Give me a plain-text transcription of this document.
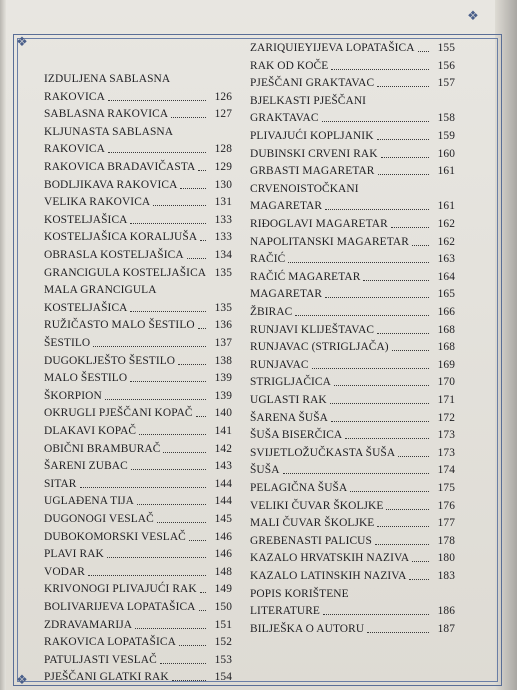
❖
❖
❖
IZDULJENA SABLASNA
RAKOVICA	126
SABLASNA RAKOVICA	127
KLJUNASTA SABLASNA
RAKOVICA	128
RAKOVICA BRADAVIČASTA 129
BODLJIKAVA RAKOVICA	130
VELIKA RAKOVICA	131
KOSTELJAŠICA	133
KOSTELJAŠICA KORALJUŠA 133
OBRASLA KOSTELJAŠICA	134
GRANCIGULA KOSTELJAŠICA 135
MALA GRANCIGULA
KOSTELJAŠICA	135
RUŽIČASTO MALO ŠESTILO 136
ŠESTILO	137
DUGOKLJEŠTO ŠESTILO	138
MALO ŠESTILO	139
ŠKORPION	139
OKRUGLI PJEŠČANI KOPAČ 140
DLAKAVI KOPAČ	141
OBIČNI BRAMBURAČ	142
ŠARENI ZUBAC	143
SITAR	144
UGLAĐENA TIJA	144
DUGONOGI VESLAČ	145
DUBOKOMORSKI VESLAČ	146
PLAVI RAK	146
VODAR	148
KRIVONOGI PLIVAJUĆI RAK 149
BOLIVARIJEVA LOPATAŠICA 150
ZDRAVAMARIJA	151
RAKOVICA LOPATAŠICA	152
PATULJASTI VESLAČ	153
PJEŠČANI GLATKI RAK	154
ZARIQUIEYIJEVA LOPATAŠICA 155
RAK OD KOČE	156
PJEŠČANI GRAKTAVAC	157
BJELKASTI PJEŠČANI
GRAKTAVAC	158
PLIVAJUĆI KOPLJANIK	159
DUBINSKI CRVENI RAK	160
GRBASTI MAGARETAR	161
CRVENOISTOČKANI
MAGARETAR	161
RIĐOGLAVI MAGARETAR	162
NAPOLITANSKI MAGARETAR	162
RAČIĆ	163
RAČIĆ MAGARETAR	164
MAGARETAR	165
ŽBIRAC	166
RUNJAVI KLIJEŠTAVAC	168
RUNJAVAC (STRIGLJAČA)	168
RUNJAVAC	169
STRIGLJAČICA	170
UGLASTI RAK	171
ŠARENA ŠUŠA	172
ŠUŠA BISERČICA	173
SVIJETLOŽUČKASTA ŠUŠA	173
ŠUŠA	174
PELAGIČNA ŠUŠA	175
VELIKI ČUVAR ŠKOLJKE	176
MALI ČUVAR ŠKOLJKE	177
GREBENASTI PALICUS	178
KAZALO HRVATSKIH NAZIVA 180
KAZALO LATINSKIH NAZIVA	183
POPIS KORIŠTENE
LITERATURE	186
BILJEŠKA O AUTORU	187
